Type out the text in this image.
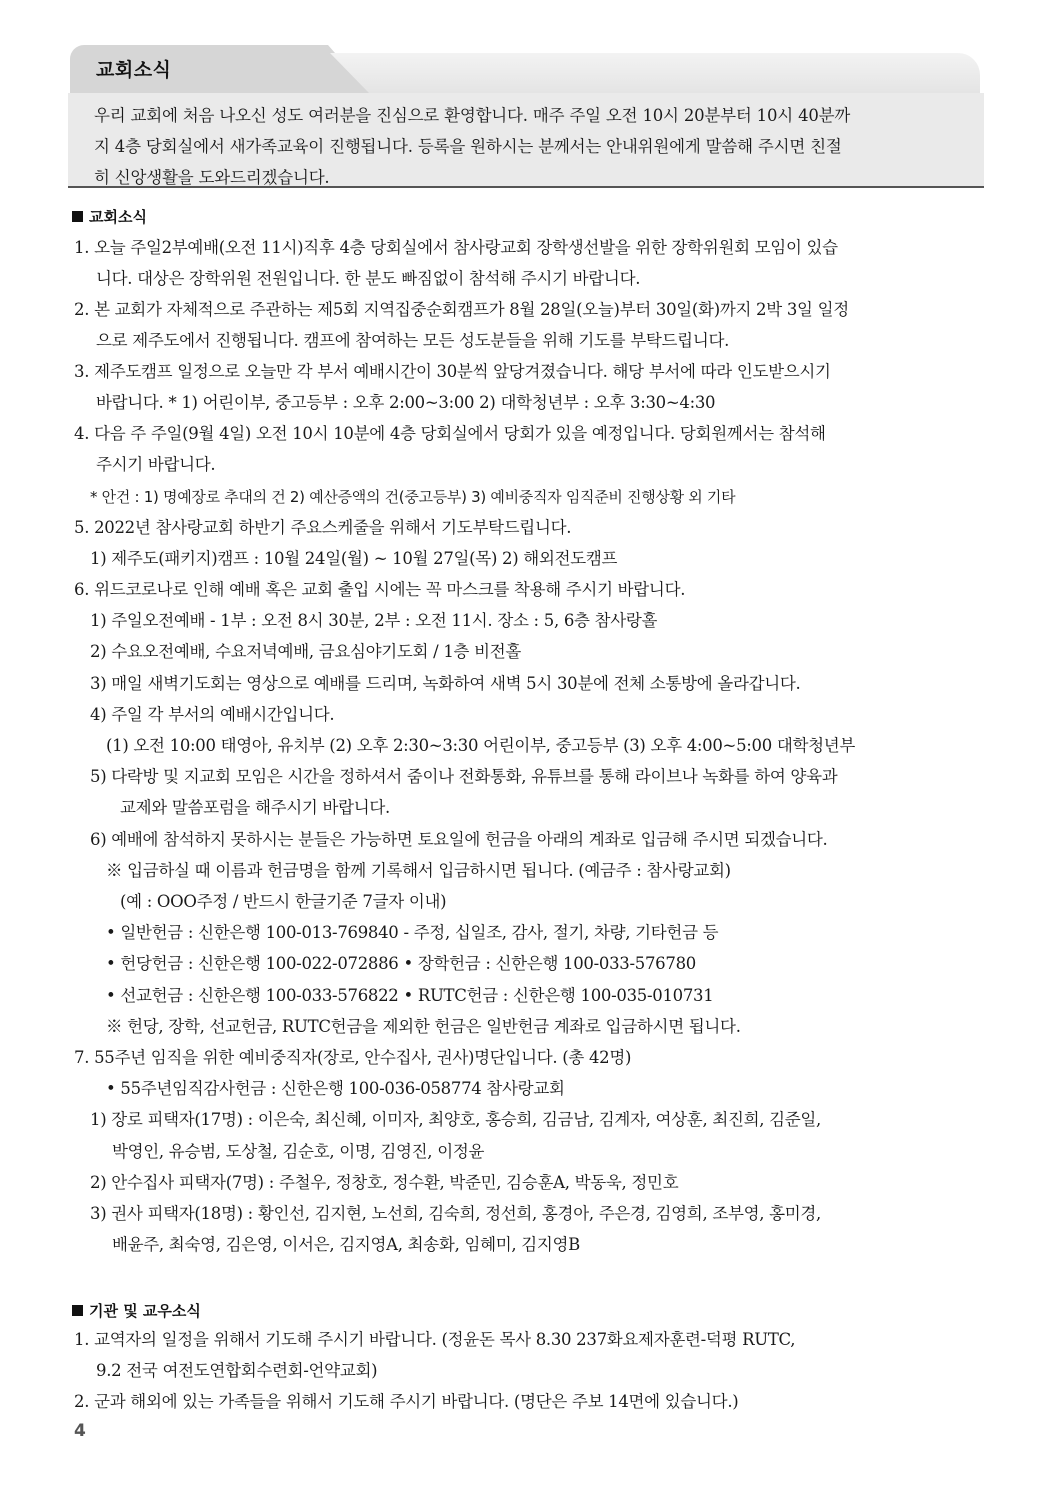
교회소식

우리 교회에 처음 나오신 성도 여러분을 진심으로 환영합니다. 매주 주일 오전 10시 20분부터 10시 40분까

지 4층 당회실에서 새가족교육이 진행됩니다. 등록을 원하시는 분께서는 안내위원에게 말씀해 주시면 친절

히 신앙생활을 도와드리겠습니다.

교회소식
1. 오늘 주일2부예배(오전 11시)직후 4층 당회실에서 참사랑교회 장학생선발을 위한 장학위원회 모임이 있습
니다. 대상은 장학위원 전원입니다. 한 분도 빠짐없이 참석해 주시기 바랍니다.
2. 본 교회가 자체적으로 주관하는 제5회 지역집중순회캠프가 8월 28일(오늘)부터 30일(화)까지 2박 3일 일정
으로 제주도에서 진행됩니다. 캠프에 참여하는 모든 성도분들을 위해 기도를 부탁드립니다.
3. 제주도캠프 일정으로 오늘만 각 부서 예배시간이 30분씩 앞당겨졌습니다. 해당 부서에 따라 인도받으시기
바랍니다. * 1) 어린이부, 중고등부 : 오후 2:00~3:00 2) 대학청년부 : 오후 3:30~4:30
4. 다음 주 주일(9월 4일) 오전 10시 10분에 4층 당회실에서 당회가 있을 예정입니다. 당회원께서는 참석해
주시기 바랍니다.
* 안건 : 1) 명예장로 추대의 건 2) 예산증액의 건(중고등부) 3) 예비중직자 임직준비 진행상황 외 기타
5. 2022년 참사랑교회 하반기 주요스케줄을 위해서 기도부탁드립니다.
1) 제주도(패키지)캠프 : 10월 24일(월) ~ 10월 27일(목) 2) 해외전도캠프
6. 위드코로나로 인해 예배 혹은 교회 출입 시에는 꼭 마스크를 착용해 주시기 바랍니다.
1) 주일오전예배 - 1부 : 오전 8시 30분, 2부 : 오전 11시. 장소 : 5, 6층 참사랑홀
2) 수요오전예배, 수요저녁예배, 금요심야기도회 / 1층 비전홀
3) 매일 새벽기도회는 영상으로 예배를 드리며, 녹화하여 새벽 5시 30분에 전체 소통방에 올라갑니다.
4) 주일 각 부서의 예배시간입니다.
(1) 오전 10:00 태영아, 유치부 (2) 오후 2:30~3:30 어린이부, 중고등부 (3) 오후 4:00~5:00 대학청년부
5) 다락방 및 지교회 모임은 시간을 정하셔서 줌이나 전화통화, 유튜브를 통해 라이브나 녹화를 하여 양육과
교제와 말씀포럼을 해주시기 바랍니다.
6) 예배에 참석하지 못하시는 분들은 가능하면 토요일에 헌금을 아래의 계좌로 입금해 주시면 되겠습니다.
※ 입금하실 때 이름과 헌금명을 함께 기록해서 입금하시면 됩니다. (예금주 : 참사랑교회)
(예 : OOO주정 / 반드시 한글기준 7글자 이내)
• 일반헌금 : 신한은행 100-013-769840 - 주정, 십일조, 감사, 절기, 차량, 기타헌금 등
• 헌당헌금 : 신한은행 100-022-072886 • 장학헌금 : 신한은행 100-033-576780
• 선교헌금 : 신한은행 100-033-576822 • RUTC헌금 : 신한은행 100-035-010731
※ 헌당, 장학, 선교헌금, RUTC헌금을 제외한 헌금은 일반헌금 계좌로 입금하시면 됩니다.
7. 55주년 임직을 위한 예비중직자(장로, 안수집사, 권사)명단입니다. (총 42명)
• 55주년임직감사헌금 : 신한은행 100-036-058774 참사랑교회
1) 장로 피택자(17명) : 이은숙, 최신혜, 이미자, 최양호, 홍승희, 김금남, 김계자, 여상훈, 최진희, 김준일,
박영인, 유승범, 도상철, 김순호, 이명, 김영진, 이정윤
2) 안수집사 피택자(7명) : 주철우, 정창호, 정수환, 박준민, 김승훈A, 박동욱, 정민호
3) 권사 피택자(18명) : 황인선, 김지현, 노선희, 김숙희, 정선희, 홍경아, 주은경, 김영희, 조부영, 홍미경,
배윤주, 최숙영, 김은영, 이서은, 김지영A, 최송화, 임혜미, 김지영B
기관 및 교우소식
1. 교역자의 일정을 위해서 기도해 주시기 바랍니다. (정윤돈 목사 8.30 237화요제자훈련-덕평 RUTC,
9.2 전국 여전도연합회수련회-언약교회)
2. 군과 해외에 있는 가족들을 위해서 기도해 주시기 바랍니다. (명단은 주보 14면에 있습니다.)
4
